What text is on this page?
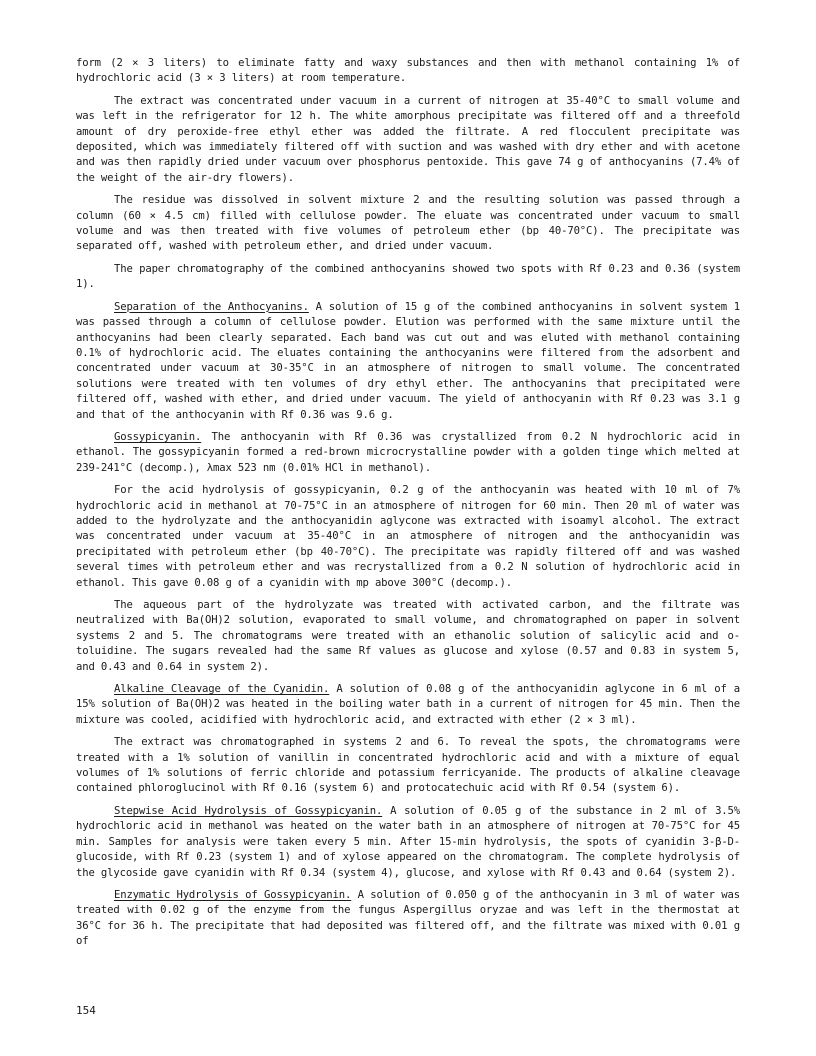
form (2 × 3 liters) to eliminate fatty and waxy substances and then with methanol containing 1% of hydrochloric acid (3 × 3 liters) at room temperature.

The extract was concentrated under vacuum in a current of nitrogen at 35-40°C to small volume and was left in the refrigerator for 12 h. The white amorphous precipitate was filtered off and a threefold amount of dry peroxide-free ethyl ether was added the filtrate. A red flocculent precipitate was deposited, which was immediately filtered off with suction and was washed with dry ether and with acetone and was then rapidly dried under vacuum over phosphorus pentoxide. This gave 74 g of anthocyanins (7.4% of the weight of the air-dry flowers).

The residue was dissolved in solvent mixture 2 and the resulting solution was passed through a column (60 × 4.5 cm) filled with cellulose powder. The eluate was concentrated under vacuum to small volume and was then treated with five volumes of petroleum ether (bp 40-70°C). The precipitate was separated off, washed with petroleum ether, and dried under vacuum.

The paper chromatography of the combined anthocyanins showed two spots with Rf 0.23 and 0.36 (system 1).

Separation of the Anthocyanins. A solution of 15 g of the combined anthocyanins in solvent system 1 was passed through a column of cellulose powder. Elution was performed with the same mixture until the anthocyanins had been clearly separated. Each band was cut out and was eluted with methanol containing 0.1% of hydrochloric acid. The eluates containing the anthocyanins were filtered from the adsorbent and concentrated under vacuum at 30-35°C in an atmosphere of nitrogen to small volume. The concentrated solutions were treated with ten volumes of dry ethyl ether. The anthocyanins that precipitated were filtered off, washed with ether, and dried under vacuum. The yield of anthocyanin with Rf 0.23 was 3.1 g and that of the anthocyanin with Rf 0.36 was 9.6 g.

Gossypicyanin. The anthocyanin with Rf 0.36 was crystallized from 0.2 N hydrochloric acid in ethanol. The gossypicyanin formed a red-brown microcrystalline powder with a golden tinge which melted at 239-241°C (decomp.), λmax 523 nm (0.01% HCl in methanol).

For the acid hydrolysis of gossypicyanin, 0.2 g of the anthocyanin was heated with 10 ml of 7% hydrochloric acid in methanol at 70-75°C in an atmosphere of nitrogen for 60 min. Then 20 ml of water was added to the hydrolyzate and the anthocyanidin aglycone was extracted with isoamyl alcohol. The extract was concentrated under vacuum at 35-40°C in an atmosphere of nitrogen and the anthocyanidin was precipitated with petroleum ether (bp 40-70°C). The precipitate was rapidly filtered off and was washed several times with petroleum ether and was recrystallized from a 0.2 N solution of hydrochloric acid in ethanol. This gave 0.08 g of a cyanidin with mp above 300°C (decomp.).

The aqueous part of the hydrolyzate was treated with activated carbon, and the filtrate was neutralized with Ba(OH)2 solution, evaporated to small volume, and chromatographed on paper in solvent systems 2 and 5. The chromatograms were treated with an ethanolic solution of salicylic acid and o-toluidine. The sugars revealed had the same Rf values as glucose and xylose (0.57 and 0.83 in system 5, and 0.43 and 0.64 in system 2).

Alkaline Cleavage of the Cyanidin. A solution of 0.08 g of the anthocyanidin aglycone in 6 ml of a 15% solution of Ba(OH)2 was heated in the boiling water bath in a current of nitrogen for 45 min. Then the mixture was cooled, acidified with hydrochloric acid, and extracted with ether (2 × 3 ml).

The extract was chromatographed in systems 2 and 6. To reveal the spots, the chromatograms were treated with a 1% solution of vanillin in concentrated hydrochloric acid and with a mixture of equal volumes of 1% solutions of ferric chloride and potassium ferricyanide. The products of alkaline cleavage contained phloroglucinol with Rf 0.16 (system 6) and protocatechuic acid with Rf 0.54 (system 6).

Stepwise Acid Hydrolysis of Gossypicyanin. A solution of 0.05 g of the substance in 2 ml of 3.5% hydrochloric acid in methanol was heated on the water bath in an atmosphere of nitrogen at 70-75°C for 45 min. Samples for analysis were taken every 5 min. After 15-min hydrolysis, the spots of cyanidin 3-β-D-glucoside, with Rf 0.23 (system 1) and of xylose appeared on the chromatogram. The complete hydrolysis of the glycoside gave cyanidin with Rf 0.34 (system 4), glucose, and xylose with Rf 0.43 and 0.64 (system 2).

Enzymatic Hydrolysis of Gossypicyanin. A solution of 0.050 g of the anthocyanin in 3 ml of water was treated with 0.02 g of the enzyme from the fungus Aspergillus oryzae and was left in the thermostat at 36°C for 36 h. The precipitate that had deposited was filtered off, and the filtrate was mixed with 0.01 g of

154
